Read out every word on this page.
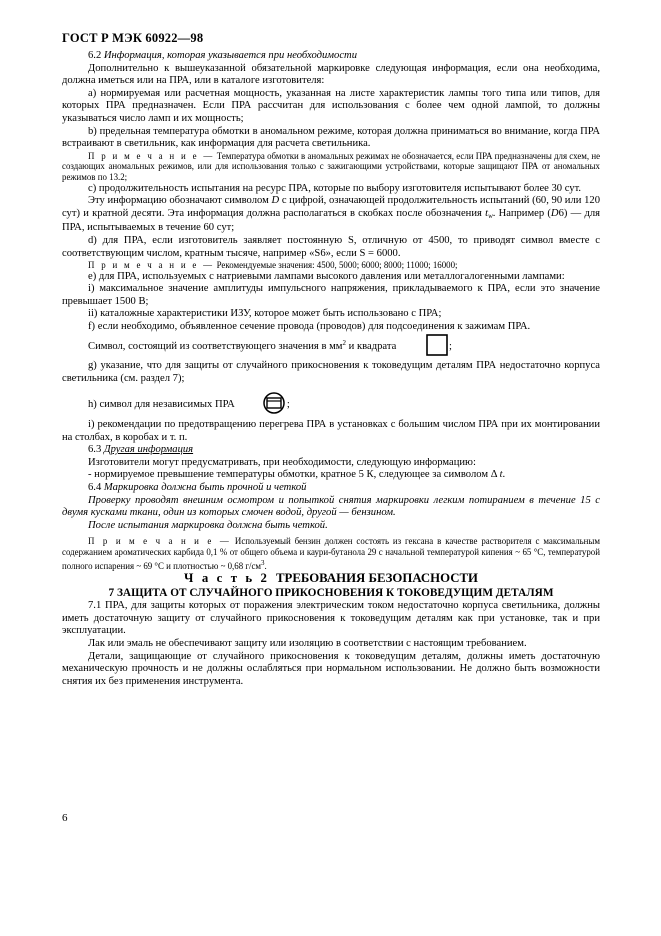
ГОСТ Р МЭК 60922—98

6.2 Информация, которая указывается при необходимости

Дополнительно к вышеуказанной обязательной маркировке следующая информация, если она необходима, должна иметься или на ПРА, или в каталоге изготовителя:

а) нормируемая или расчетная мощность, указанная на листе характеристик лампы того типа или типов, для которых ПРА предназначен. Если ПРА рассчитан для использования с более чем одной лампой, то должны указываться число ламп и их мощность;

b) предельная температура обмотки в аномальном режиме, которая должна приниматься во внимание, когда ПРА встраивают в светильник, как информация для расчета светильника.

П р и м е ч а н и е — Температура обмотки в аномальных режимах не обозначается, если ПРА предназначены для схем, не создающих аномальных режимов, или для использования только с зажигающими устройствами, которые защищают ПРА от аномальных режимов по 13.2;

с) продолжительность испытания на ресурс ПРА, которые по выбору изготовителя испытывают более 30 сут.

Эту информацию обозначают символом D с цифрой, означающей продолжительность испытаний (60, 90 или 120 сут) и кратной десяти. Эта информация должна располагаться в скобках после обозначения $t_w$. Например (D6) — для ПРА, испытываемых в течение 60 сут;

d) для ПРА, если изготовитель заявляет постоянную S, отличную от 4500, то приводят символ вместе с соответствующим числом, кратным тысяче, например «S6», если S = 6000.

П р и м е ч а н и е — Рекомендуемые значения: 4500, 5000; 6000; 8000; 11000; 16000;

е) для ПРА, используемых с натриевыми лампами высокого давления или металлогалогенными лампами:

i) максимальное значение амплитуды импульсного напряжения, прикладываемого к ПРА, если это значение превышает 1500 В;

ii) каталожные характеристики ИЗУ, которое может быть использовано с ПРА;

f) если необходимо, объявленное сечение провода (проводов) для подсоединения к зажимам ПРА.

Символ, состоящий из соответствующего значения в $мм^2$ и квадрата	;

g) указание, что для защиты от случайного прикосновения к токоведущим деталям ПРА недостаточно корпуса светильника (см. раздел 7);

h) символ для независимых ПРА	;

i) рекомендации по предотвращению перегрева ПРА в установках с большим числом ПРА при их монтировании на столбах, в коробах и т. п.

6.3 Другая информация

Изготовители могут предусматривать, при необходимости, следующую информацию:

- нормируемое превышение температуры обмотки, кратное 5 К, следующее за символом Δ t.

6.4 Маркировка должна быть прочной и четкой

Проверку проводят внешним осмотром и попыткой снятия маркировки легким потиранием в течение 15 с двумя кусками ткани, один из которых смочен водой, другой — бензином.

После испытания маркировка должна быть четкой.

П р и м е ч а н и е — Используемый бензин должен состоять из гексана в качестве растворителя с максимальным содержанием ароматических карбида 0,1 % от общего объема и каури-бутанола 29 с начальной температурой кипения ~ 65 °С, температурой полного испарения ~ 69 °С и плотностью ~ 0,68 $г/см^3$.

Ч а с т ь 2 ТРЕБОВАНИЯ БЕЗОПАСНОСТИ

7 ЗАЩИТА ОТ СЛУЧАЙНОГО ПРИКОСНОВЕНИЯ К ТОКОВЕДУЩИМ ДЕТАЛЯМ

7.1 ПРА, для защиты которых от поражения электрическим током недостаточно корпуса светильника, должны иметь достаточную защиту от случайного прикосновения к токоведущим деталям как при установке, так и при эксплуатации.

Лак или эмаль не обеспечивают защиту или изоляцию в соответствии с настоящим требованием.

Детали, защищающие от случайного прикосновения к токоведущим деталям, должны иметь достаточную механическую прочность и не должны ослабляться при нормальном использовании. Не должно быть возможности снятия их без применения инструмента.

6
